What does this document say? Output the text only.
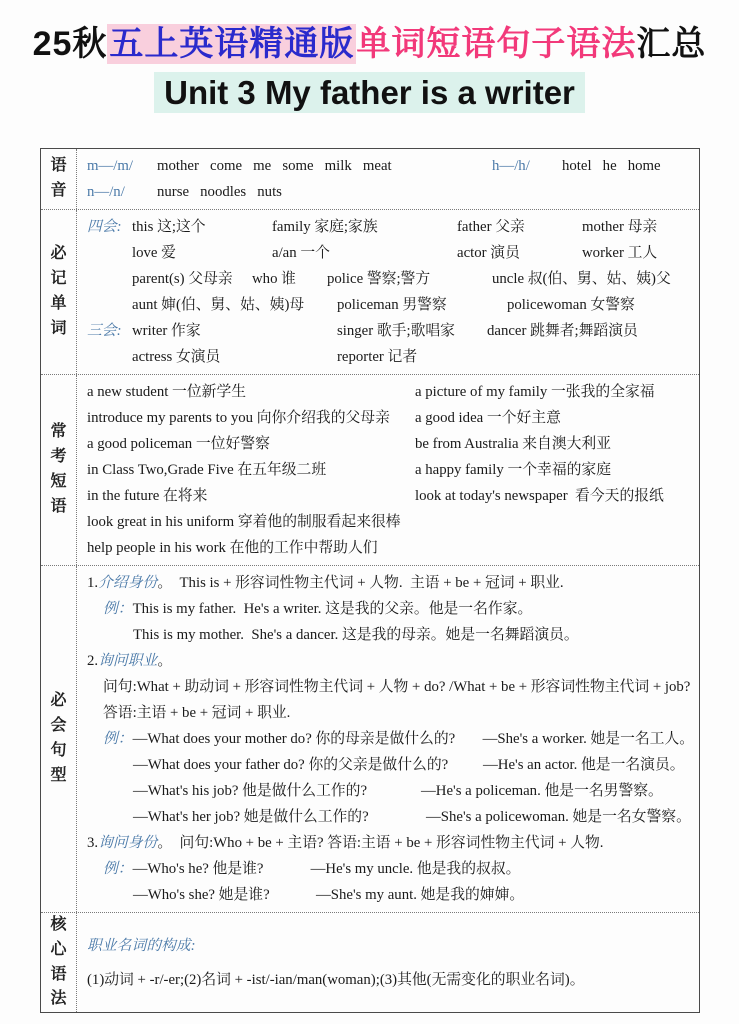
25秋五上英语精通版单词短语句子语法汇总
Unit 3 My father is a writer
语音
m—/m/ mother   come   me   some   milk   meat	h—/h/ hotel   he   home
n—/n/ nurse   noodles   nuts
必记单词
四会: this 这;这个	family 家庭;家族	father 父亲	mother 母亲
love 爱	a/an 一个	actor 演员	worker 工人
parent(s) 父母亲 who 谁 police 警察;警方	uncle 叔(伯、舅、姑、姨)父
aunt 婶(伯、舅、姑、姨)母 policeman 男警察	policewoman 女警察
三会: writer 作家	singer 歌手;歌唱家 dancer 跳舞者;舞蹈演员
actress 女演员	reporter 记者
常考短语
a new student 一位新学生	a picture of my family 一张我的全家福
introduce my parents to you 向你介绍我的父母亲 a good idea 一个好主意
a good policeman 一位好警察	be from Australia 来自澳大利亚
in Class Two,Grade Five 在五年级二班	a happy family 一个幸福的家庭
in the future 在将来	look at today's newspaper  看今天的报纸
look great in his uniform 穿着他的制服看起来很棒
help people in his work 在他的工作中帮助人们
必会句型
1.介绍身份。  This is + 形容词性物主代词 + 人物.  主语 + be + 冠词 + 职业.
例：This is my father.  He's a writer. 这是我的父亲。他是一名作家。
This is my mother.  She's a dancer. 这是我的母亲。她是一名舞蹈演员。
2.询问职业。
问句:What + 助动词 + 形容词性物主代词 + 人物 + do? /What + be + 形容词性物主代词 + job?
答语:主语 + be + 冠词 + 职业.
例：—What does your mother do? 你的母亲是做什么的? —She's a worker. 她是一名工人。
—What does your father do? 你的父亲是做什么的? —He's an actor. 他是一名演员。
—What's his job? 他是做什么工作的?	—He's a policeman. 他是一名男警察。
—What's her job? 她是做什么工作的?	—She's a policewoman. 她是一名女警察。
3.询问身份。  问句:Who + be + 主语? 答语:主语 + be + 形容词性物主代词 + 人物.
例：—Who's he? 他是谁?	—He's my uncle. 他是我的叔叔。
—Who's she? 她是谁?	—She's my aunt. 她是我的婶婶。
核心语法
职业名词的构成:
(1)动词 + -r/-er;(2)名词 + -ist/-ian/man(woman);(3)其他(无需变化的职业名词)。
